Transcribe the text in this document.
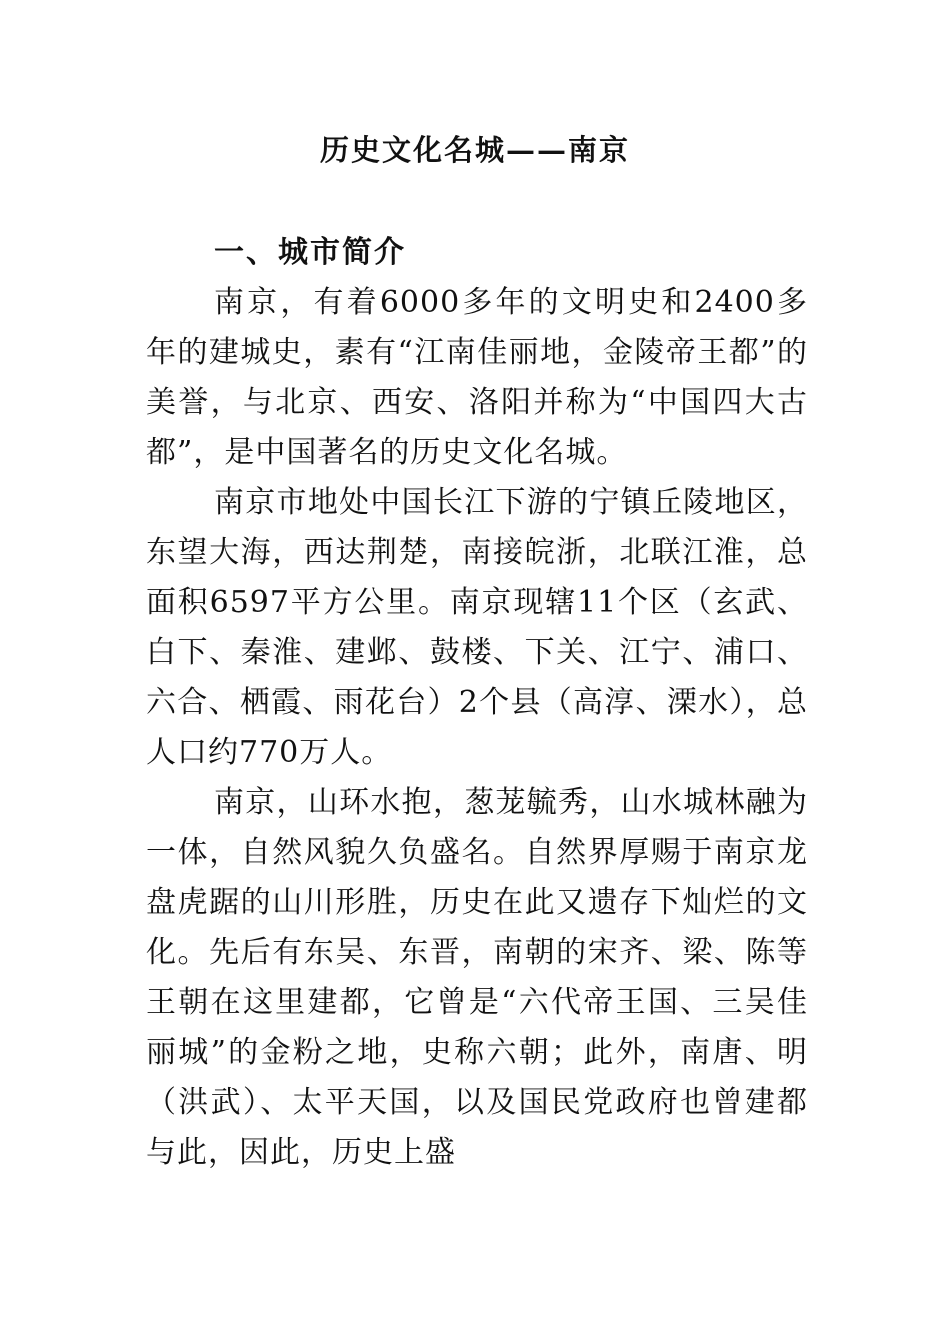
历史文化名城——南京

一、城市简介

南京，有着6000多年的文明史和2400多年的建城史，素有“江南佳丽地，金陵帝王都”的美誉，与北京、西安、洛阳并称为“中国四大古都”，是中国著名的历史文化名城。

南京市地处中国长江下游的宁镇丘陵地区，东望大海，西达荆楚，南接皖浙，北联江淮，总面积6597平方公里。南京现辖11个区（玄武、白下、秦淮、建邺、鼓楼、下关、江宁、浦口、六合、栖霞、雨花台）2个县（高淳、溧水），总人口约770万人。

南京，山环水抱，葱茏毓秀，山水城林融为一体，自然风貌久负盛名。自然界厚赐于南京龙盘虎踞的山川形胜，历史在此又遗存下灿烂的文化。先后有东吴、东晋，南朝的宋齐、梁、陈等王朝在这里建都，它曾是“六代帝王国、三吴佳丽城”的金粉之地，史称六朝；此外，南唐、明（洪武）、太平天国，以及国民党政府也曾建都与此，因此，历史上盛
